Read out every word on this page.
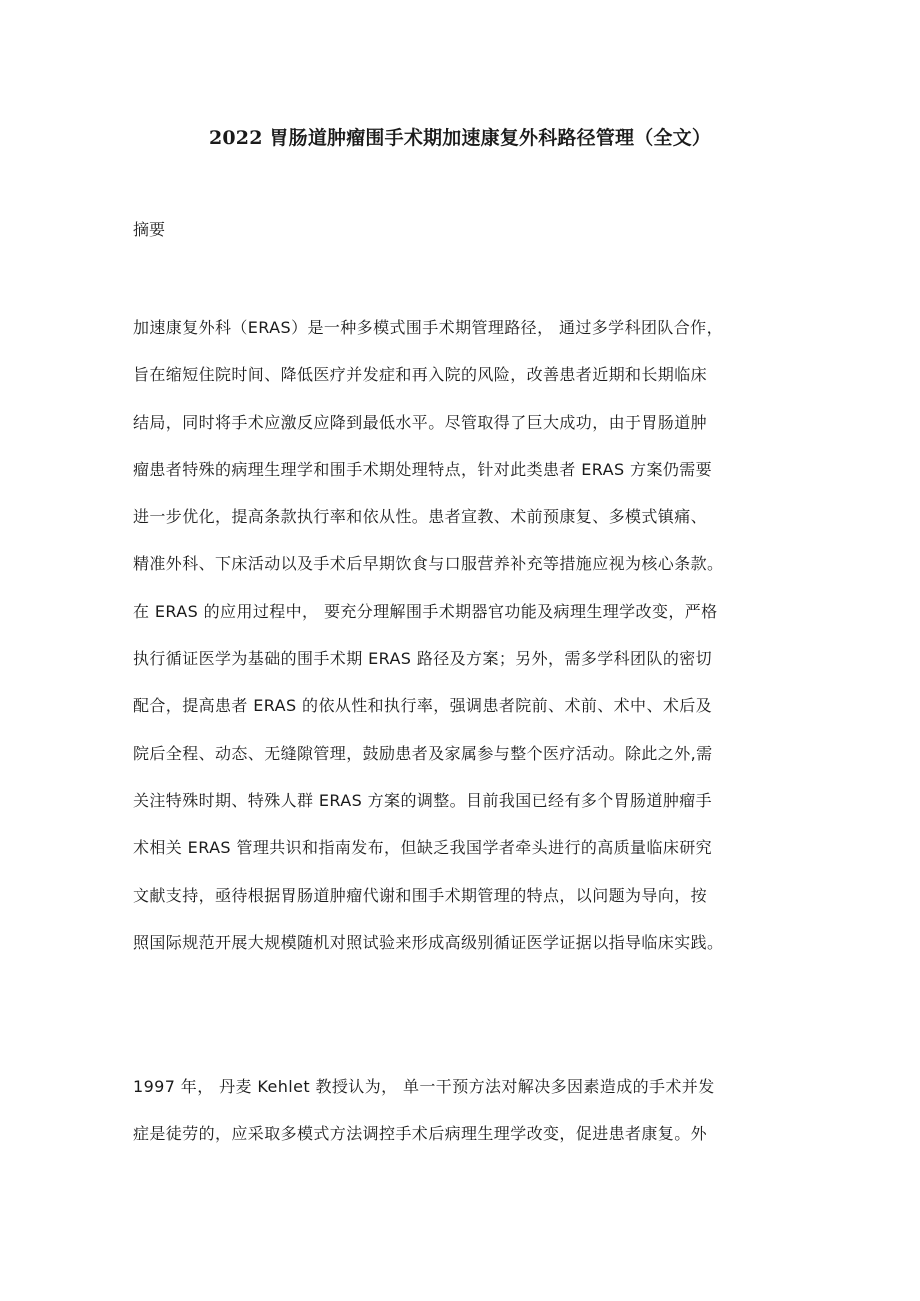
2022 胃肠道肿瘤围手术期加速康复外科路径管理（全文）
摘要
加速康复外科（ERAS）是一种多模式围手术期管理路径， 通过多学科团队合作，
旨在缩短住院时间、降低医疗并发症和再入院的风险，改善患者近期和长期临床
结局，同时将手术应激反应降到最低水平。尽管取得了巨大成功，由于胃肠道肿
瘤患者特殊的病理生理学和围手术期处理特点，针对此类患者 ERAS 方案仍需要
进一步优化，提高条款执行率和依从性。患者宣教、术前预康复、多模式镇痛、
精准外科、下床活动以及手术后早期饮食与口服营养补充等措施应视为核心条款。
在 ERAS 的应用过程中， 要充分理解围手术期器官功能及病理生理学改变，严格
执行循证医学为基础的围手术期 ERAS 路径及方案；另外，需多学科团队的密切
配合，提高患者 ERAS 的依从性和执行率，强调患者院前、术前、术中、术后及
院后全程、动态、无缝隙管理，鼓励患者及家属参与整个医疗活动。除此之外,需
关注特殊时期、特殊人群 ERAS 方案的调整。目前我国已经有多个胃肠道肿瘤手
术相关 ERAS 管理共识和指南发布，但缺乏我国学者牵头进行的高质量临床研究
文献支持，亟待根据胃肠道肿瘤代谢和围手术期管理的特点，以问题为导向，按
照国际规范开展大规模随机对照试验来形成高级别循证医学证据以指导临床实践。
1997 年， 丹麦 Kehlet 教授认为， 单一干预方法对解决多因素造成的手术并发
症是徒劳的，应采取多模式方法调控手术后病理生理学改变，促进患者康复。外
